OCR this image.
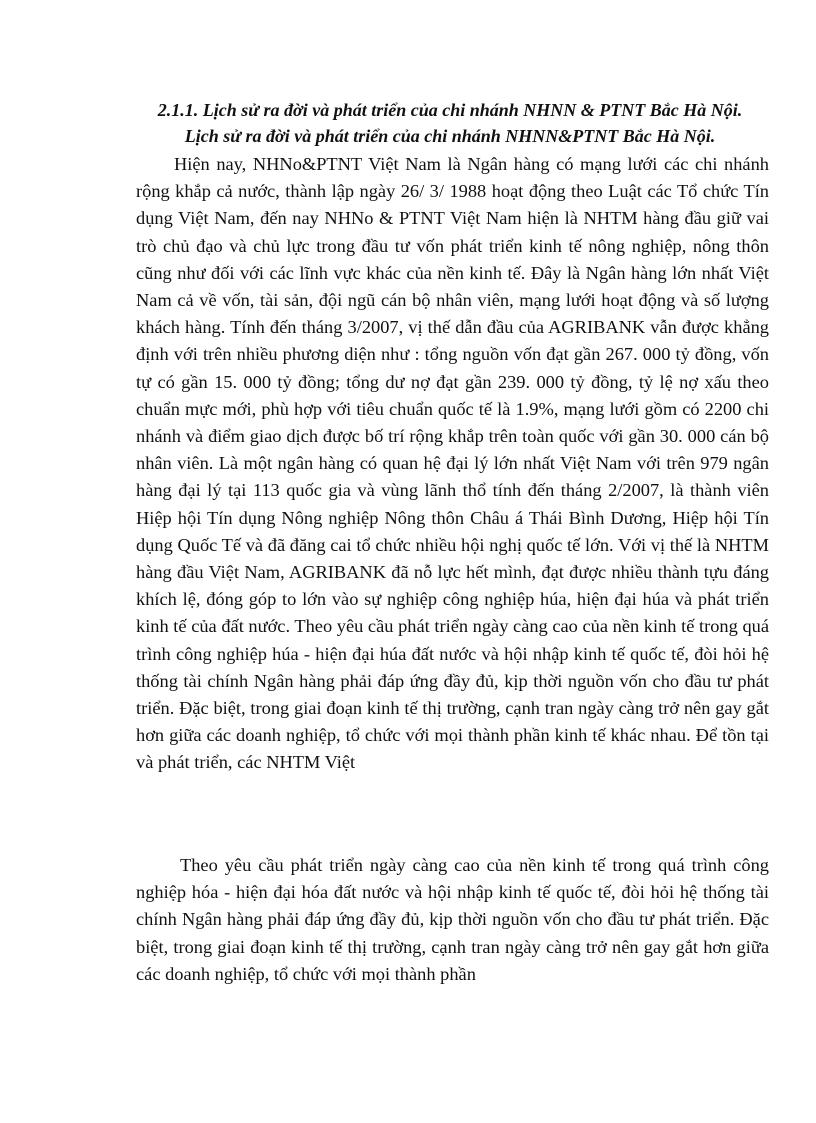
2.1.1. Lịch sử ra đời và phát triển của chi nhánh NHNN & PTNT Bắc Hà Nội.
Lịch sử ra đời và phát triển của chi nhánh NHNN&PTNT Bắc Hà Nội.

Hiện nay, NHNo&PTNT Việt Nam là Ngân hàng có mạng lưới các chi nhánh rộng khắp cả nước, thành lập ngày 26/ 3/ 1988 hoạt động theo Luật các Tổ chức Tín dụng Việt Nam, đến nay NHNo & PTNT Việt Nam hiện là NHTM hàng đầu giữ vai trò chủ đạo và chủ lực trong đầu tư vốn phát triển kinh tế nông nghiệp, nông thôn cũng như đối với các lĩnh vực khác của nền kinh tế. Đây là Ngân hàng lớn nhất Việt Nam cả về vốn, tài sản, đội ngũ cán bộ nhân viên, mạng lưới hoạt động và số lượng khách hàng. Tính đến tháng 3/2007, vị thế dẫn đầu của AGRIBANK vẫn được khẳng định với trên nhiều phương diện như : tổng nguồn vốn đạt gần 267. 000 tỷ đồng, vốn tự có gần 15. 000 tỷ đồng; tổng dư nợ đạt gần 239. 000 tỷ đồng, tỷ lệ nợ xấu theo chuẩn mực mới, phù hợp với tiêu chuẩn quốc tế là 1.9%, mạng lưới gồm có 2200 chi nhánh và điểm giao dịch được bố trí rộng khắp trên toàn quốc với gần 30. 000 cán bộ nhân viên. Là một ngân hàng có quan hệ đại lý lớn nhất Việt Nam với trên 979 ngân hàng đại lý tại 113 quốc gia và vùng lãnh thổ tính đến tháng 2/2007, là thành viên Hiệp hội Tín dụng Nông nghiệp Nông thôn Châu á Thái Bình Dương, Hiệp hội Tín dụng Quốc Tế và đã đăng cai tổ chức nhiều hội nghị quốc tế lớn. Với vị thế là NHTM hàng đầu Việt Nam, AGRIBANK đã nỗ lực hết mình, đạt được nhiều thành tựu đáng khích lệ, đóng góp to lớn vào sự nghiệp công nghiệp húa, hiện đại húa và phát triển kinh tế của đất nước. Theo yêu cầu phát triển ngày càng cao của nền kinh tế trong quá trình công nghiệp húa - hiện đại húa đất nước và hội nhập kinh tế quốc tế, đòi hỏi hệ thống tài chính Ngân hàng phải đáp ứng đầy đủ, kịp thời nguồn vốn cho đầu tư phát triển. Đặc biệt, trong giai đoạn kinh tế thị trường, cạnh tran ngày càng trở nên gay gắt hơn giữa các doanh nghiệp, tổ chức với mọi thành phần kinh tế khác nhau. Để tồn tại và phát triển, các NHTM Việt

Theo yêu cầu phát triển ngày càng cao của nền kinh tế trong quá trình công nghiệp hóa - hiện đại hóa đất nước và hội nhập kinh tế quốc tế, đòi hỏi hệ thống tài chính Ngân hàng phải đáp ứng đầy đủ, kịp thời nguồn vốn cho đầu tư phát triển. Đặc biệt, trong giai đoạn kinh tế thị trường, cạnh tran ngày càng trở nên gay gắt hơn giữa các doanh nghiệp, tổ chức với mọi thành phần
